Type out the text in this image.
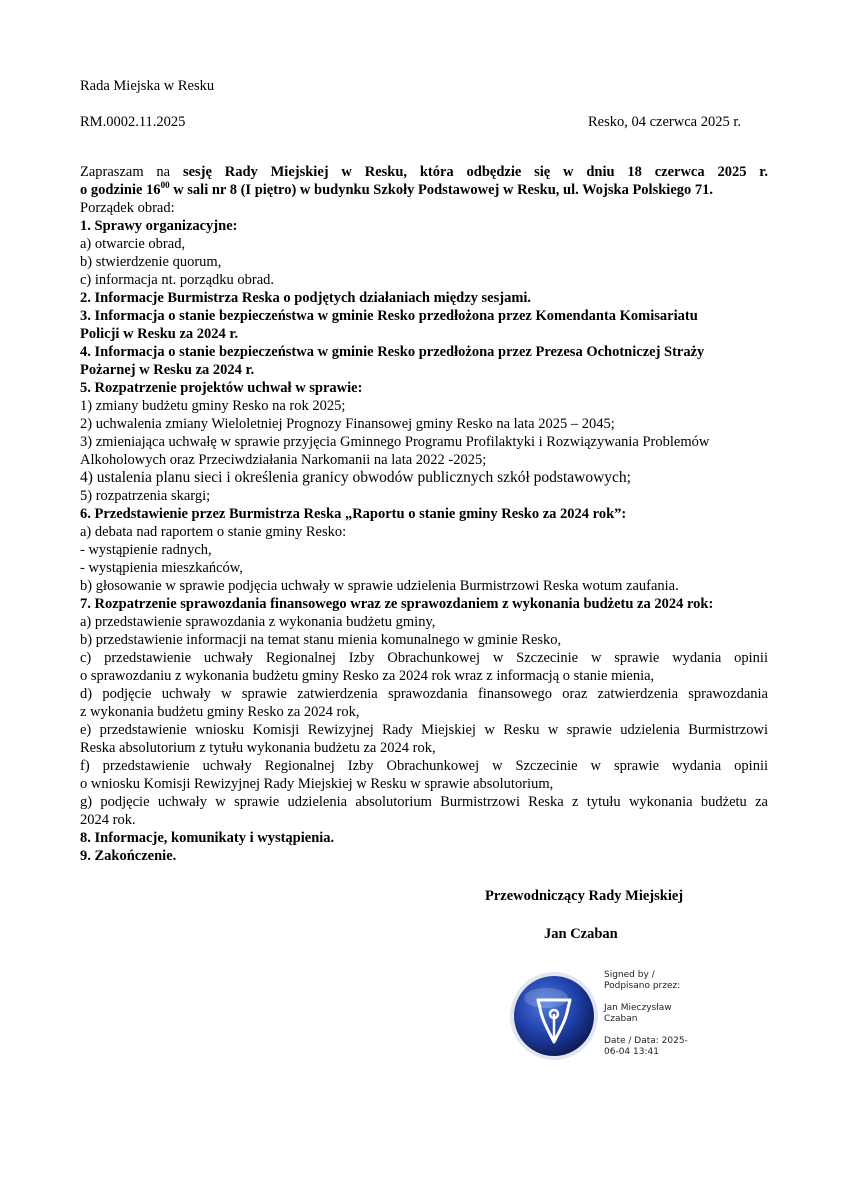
Rada Miejska w Resku
RM.0002.11.2025	Resko, 04 czerwca 2025 r.
Zapraszam na sesję Rady Miejskiej w Resku, która odbędzie się w dniu 18 czerwca 2025 r.
o godzinie $16^{00}$ w sali nr 8 (I piętro) w budynku Szkoły Podstawowej w Resku, ul. Wojska Polskiego 71.
Porządek obrad:
1. Sprawy organizacyjne:
a) otwarcie obrad,
b) stwierdzenie quorum,
c) informacja nt. porządku obrad.
2. Informacje Burmistrza Reska o podjętych działaniach między sesjami.
3. Informacja o stanie bezpieczeństwa w gminie Resko przedłożona przez Komendanta Komisariatu
Policji w Resku za 2024 r.
4. Informacja o stanie bezpieczeństwa w gminie Resko przedłożona przez Prezesa Ochotniczej Straży
Pożarnej w Resku za 2024 r.
5. Rozpatrzenie projektów uchwał w sprawie:
1) zmiany budżetu gminy Resko na rok 2025;
2) uchwalenia zmiany Wieloletniej Prognozy Finansowej gminy Resko na lata 2025 – 2045;
3) zmieniająca uchwałę w sprawie przyjęcia Gminnego Programu Profilaktyki i Rozwiązywania Problemów
Alkoholowych oraz Przeciwdziałania Narkomanii na lata 2022 -2025;
4) ustalenia planu sieci i określenia granicy obwodów publicznych szkół podstawowych;
5) rozpatrzenia skargi;
6. Przedstawienie przez Burmistrza Reska „Raportu o stanie gminy Resko za 2024 rok”:
a) debata nad raportem o stanie gminy Resko:
- wystąpienie radnych,
- wystąpienia mieszkańców,
b) głosowanie w sprawie podjęcia uchwały w sprawie udzielenia Burmistrzowi Reska wotum zaufania.
7. Rozpatrzenie sprawozdania finansowego wraz ze sprawozdaniem z wykonania budżetu za 2024 rok:
a) przedstawienie sprawozdania z wykonania budżetu gminy,
b) przedstawienie informacji na temat stanu mienia komunalnego w gminie Resko,
c) przedstawienie uchwały Regionalnej Izby Obrachunkowej w Szczecinie w sprawie wydania opinii
o sprawozdaniu z wykonania budżetu gminy Resko za 2024 rok wraz z informacją o stanie mienia,
d) podjęcie uchwały w sprawie zatwierdzenia sprawozdania finansowego oraz zatwierdzenia sprawozdania
z wykonania budżetu gminy Resko za 2024 rok,
e) przedstawienie wniosku Komisji Rewizyjnej Rady Miejskiej w Resku w sprawie udzielenia Burmistrzowi
Reska absolutorium z tytułu wykonania budżetu za 2024 rok,
f) przedstawienie uchwały Regionalnej Izby Obrachunkowej w Szczecinie w sprawie wydania opinii
o wniosku Komisji Rewizyjnej Rady Miejskiej w Resku w sprawie absolutorium,
g) podjęcie uchwały w sprawie udzielenia absolutorium Burmistrzowi Reska z tytułu wykonania budżetu za
2024 rok.
8. Informacje, komunikaty i wystąpienia.
9. Zakończenie.
Przewodniczący Rady Miejskiej
Jan Czaban
Signed by /
Podpisano przez:
Jan Mieczysław
Czaban
Date / Data: 2025-
06-04 13:41
